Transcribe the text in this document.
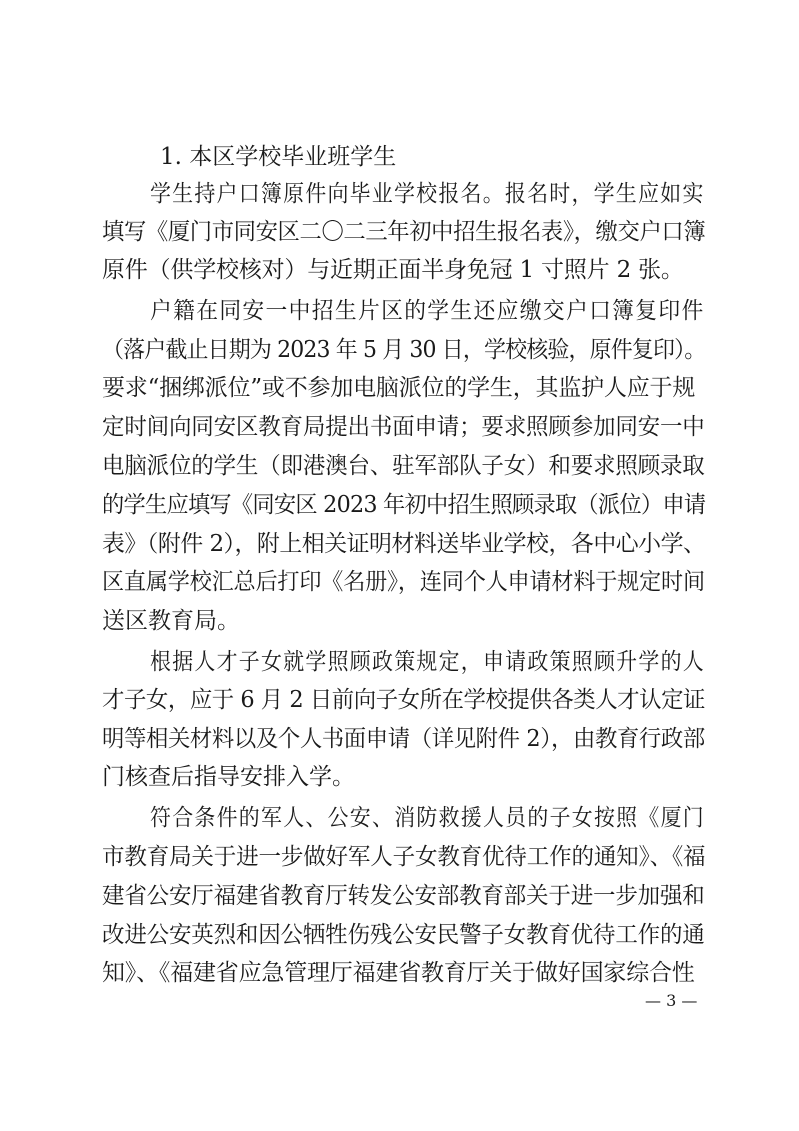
1. 本区学校毕业班学生
学生持户口簿原件向毕业学校报名。报名时，学生应如实
填写《厦门市同安区二〇二三年初中招生报名表》，缴交户口簿
原件（供学校核对）与近期正面半身免冠 1 寸照片 2 张。
户籍在同安一中招生片区的学生还应缴交户口簿复印件
（落户截止日期为 2023 年 5 月 30 日，学校核验，原件复印）。
要求“捆绑派位”或不参加电脑派位的学生，其监护人应于规
定时间向同安区教育局提出书面申请；要求照顾参加同安一中
电脑派位的学生（即港澳台、驻军部队子女）和要求照顾录取
的学生应填写《同安区 2023 年初中招生照顾录取（派位）申请
表》（附件 2），附上相关证明材料送毕业学校，各中心小学、
区直属学校汇总后打印《名册》，连同个人申请材料于规定时间
送区教育局。
根据人才子女就学照顾政策规定，申请政策照顾升学的人
才子女，应于 6 月 2 日前向子女所在学校提供各类人才认定证
明等相关材料以及个人书面申请（详见附件 2），由教育行政部
门核查后指导安排入学。
符合条件的军人、公安、消防救援人员的子女按照《厦门
市教育局关于进一步做好军人子女教育优待工作的通知》、《福
建省公安厅福建省教育厅转发公安部教育部关于进一步加强和
改进公安英烈和因公牺牲伤残公安民警子女教育优待工作的通
知》、《福建省应急管理厅福建省教育厅关于做好国家综合性
— 3 —
